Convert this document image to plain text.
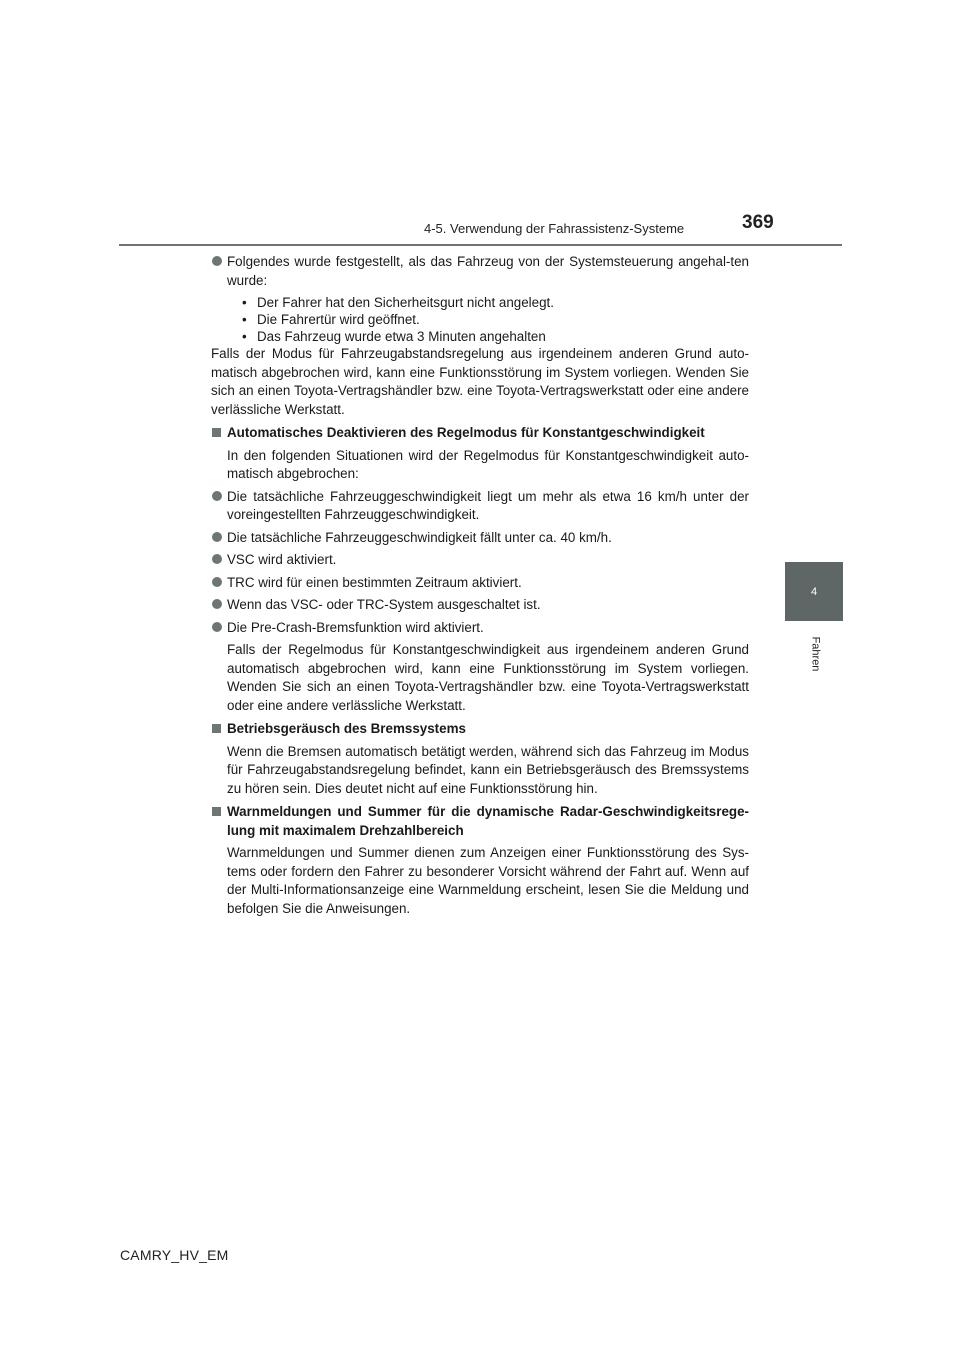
4-5. Verwendung der Fahrassistenz-Systeme	369
4
Fahren

Folgendes wurde festgestellt, als das Fahrzeug von der Systemsteuerung angehal-ten wurde:

• Der Fahrer hat den Sicherheitsgurt nicht angelegt.
• Die Fahrertür wird geöffnet.
• Das Fahrzeug wurde etwa 3 Minuten angehalten

Falls der Modus für Fahrzeugabstandsregelung aus irgendeinem anderen Grund auto-matisch abgebrochen wird, kann eine Funktionsstörung im System vorliegen. Wenden Sie sich an einen Toyota-Vertragshändler bzw. eine Toyota-Vertragswerkstatt oder eine andere verlässliche Werkstatt.

Automatisches Deaktivieren des Regelmodus für Konstantgeschwindigkeit

In den folgenden Situationen wird der Regelmodus für Konstantgeschwindigkeit auto-matisch abgebrochen:

Die tatsächliche Fahrzeuggeschwindigkeit liegt um mehr als etwa 16 km/h unter der voreingestellten Fahrzeuggeschwindigkeit.

Die tatsächliche Fahrzeuggeschwindigkeit fällt unter ca. 40 km/h.

VSC wird aktiviert.

TRC wird für einen bestimmten Zeitraum aktiviert.

Wenn das VSC- oder TRC-System ausgeschaltet ist.

Die Pre-Crash-Bremsfunktion wird aktiviert.

Falls der Regelmodus für Konstantgeschwindigkeit aus irgendeinem anderen Grund automatisch abgebrochen wird, kann eine Funktionsstörung im System vorliegen. Wenden Sie sich an einen Toyota-Vertragshändler bzw. eine Toyota-Vertragswerkstatt oder eine andere verlässliche Werkstatt.

Betriebsgeräusch des Bremssystems

Wenn die Bremsen automatisch betätigt werden, während sich das Fahrzeug im Modus für Fahrzeugabstandsregelung befindet, kann ein Betriebsgeräusch des Bremssystems zu hören sein. Dies deutet nicht auf eine Funktionsstörung hin.

Warnmeldungen und Summer für die dynamische Radar-Geschwindigkeitsrege-lung mit maximalem Drehzahlbereich

Warnmeldungen und Summer dienen zum Anzeigen einer Funktionsstörung des Sys-tems oder fordern den Fahrer zu besonderer Vorsicht während der Fahrt auf. Wenn auf der Multi-Informationsanzeige eine Warnmeldung erscheint, lesen Sie die Meldung und befolgen Sie die Anweisungen.

CAMRY_HV_EM
